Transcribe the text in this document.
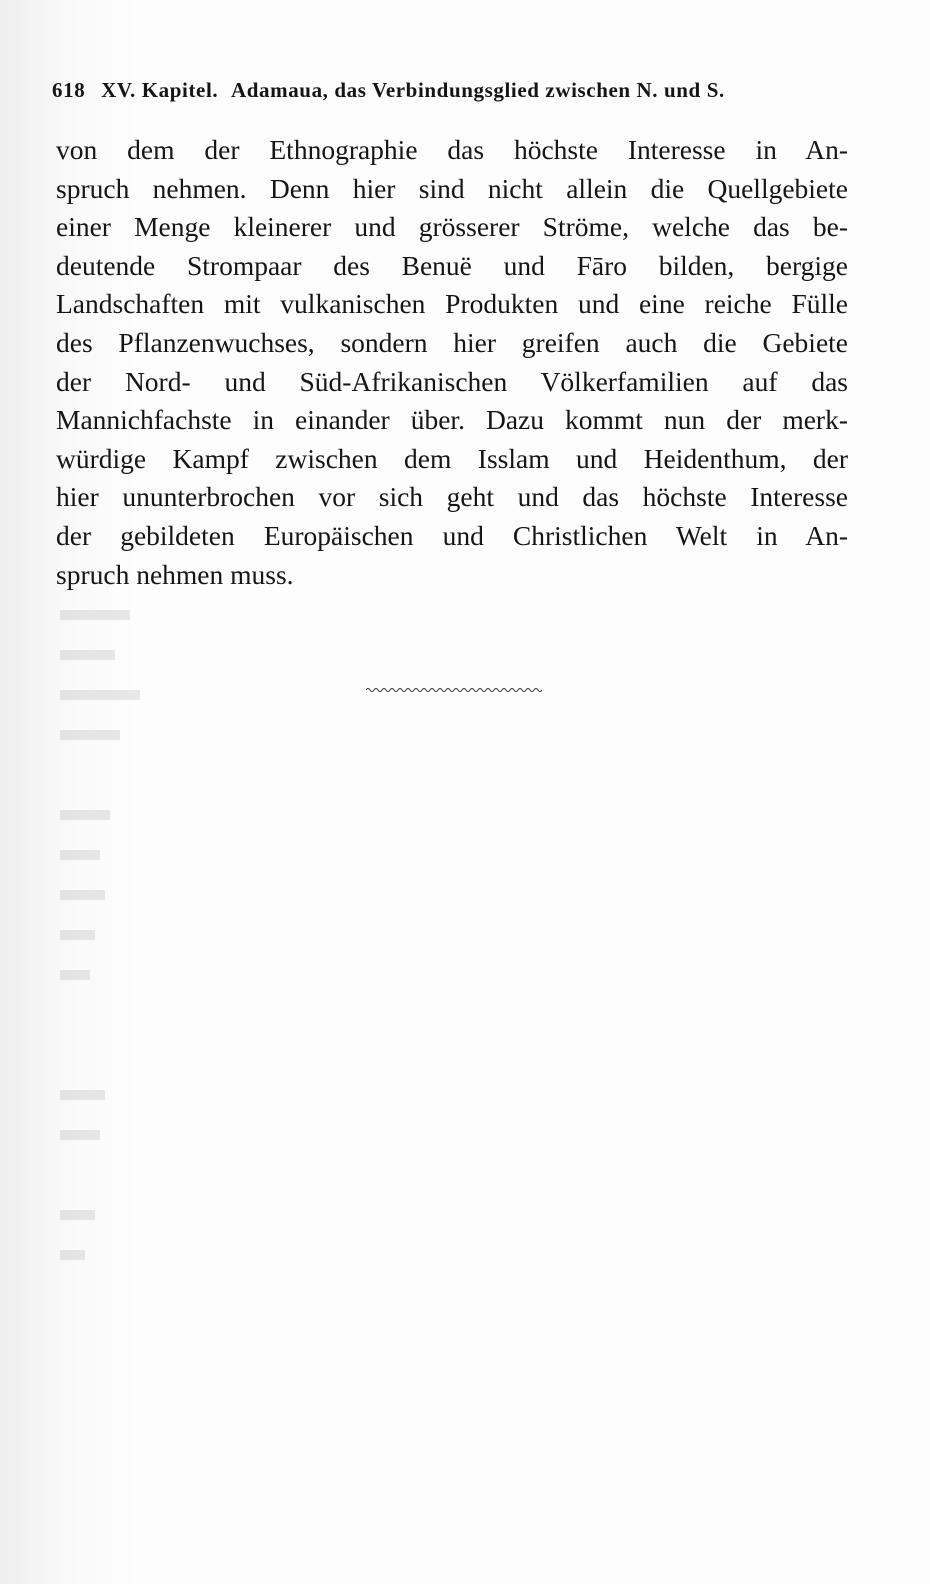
618 XV. Kapitel. Adamaua, das Verbindungsglied zwischen N. und S.
von dem der Ethnographie das höchste Interesse in An-
spruch nehmen. Denn hier sind nicht allein die Quellgebiete
einer Menge kleinerer und grösserer Ströme, welche das be-
deutende Strompaar des Benuë und Fāro bilden, bergige
Landschaften mit vulkanischen Produkten und eine reiche Fülle
des Pflanzenwuchses, sondern hier greifen auch die Gebiete
der Nord- und Süd-Afrikanischen Völkerfamilien auf das
Mannichfachste in einander über. Dazu kommt nun der merk-
würdige Kampf zwischen dem Isslam und Heidenthum, der
hier ununterbrochen vor sich geht und das höchste Interesse
der gebildeten Europäischen und Christlichen Welt in An-
spruch nehmen muss.
